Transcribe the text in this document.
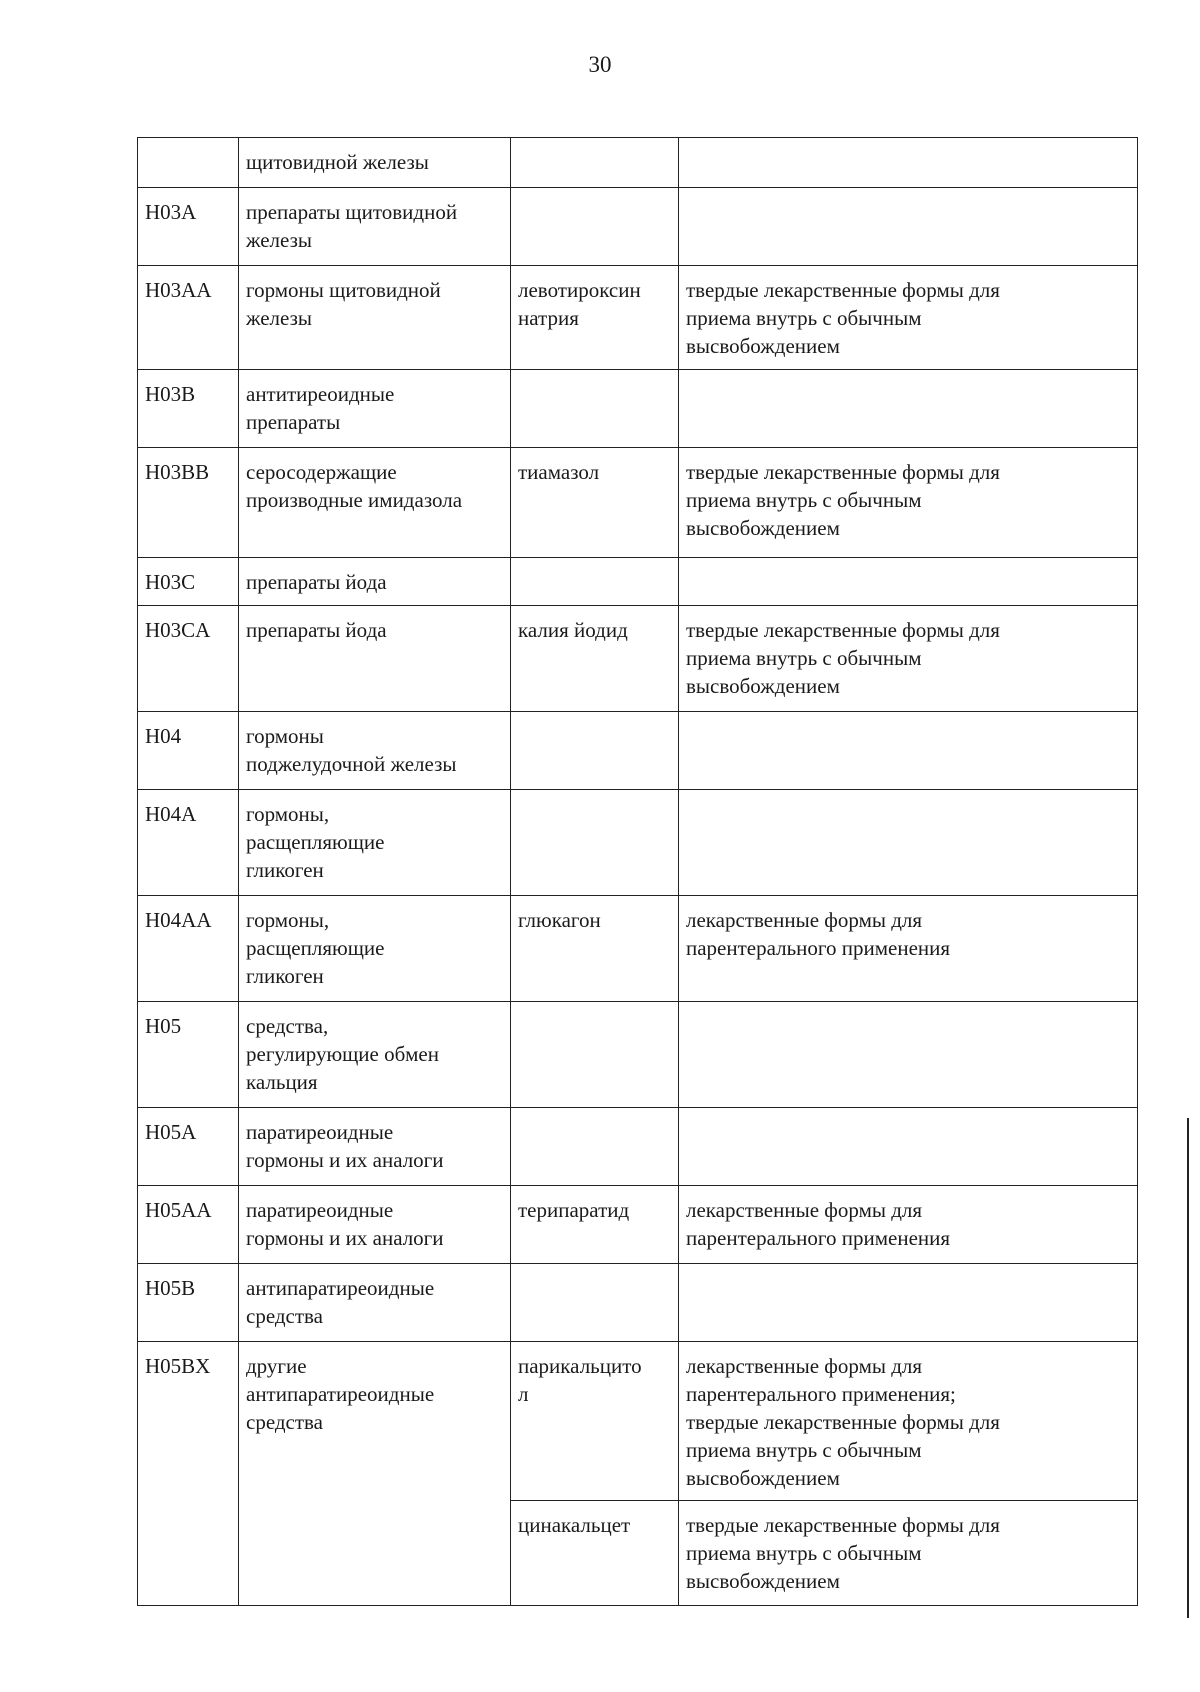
30
	щитовидной железы		
H03A	препараты щитовидной
железы		
H03AA	гормоны щитовидной
железы	левотироксин
натрия	твердые лекарственные формы для
приема внутрь с обычным
высвобождением
H03B	антитиреоидные
препараты		
H03BB	серосодержащие
производные имидазола	тиамазол	твердые лекарственные формы для
приема внутрь с обычным
высвобождением
H03C	препараты йода		
H03CA	препараты йода	калия йодид	твердые лекарственные формы для
приема внутрь с обычным
высвобождением
H04	гормоны
поджелудочной железы		
H04A	гормоны,
расщепляющие
гликоген		
H04AA	гормоны,
расщепляющие
гликоген	глюкагон	лекарственные формы для
парентерального применения
H05	средства,
регулирующие обмен
кальция		
H05A	паратиреоидные
гормоны и их аналоги		
H05AA	паратиреоидные
гормоны и их аналоги	терипаратид	лекарственные формы для
парентерального применения
H05B	антипаратиреоидные
средства		
H05BX	другие
антипаратиреоидные
средства	парикальцито
л	лекарственные формы для
парентерального применения;
твердые лекарственные формы для
приема внутрь с обычным
высвобождением
		цинакальцет	твердые лекарственные формы для
приема внутрь с обычным
высвобождением
